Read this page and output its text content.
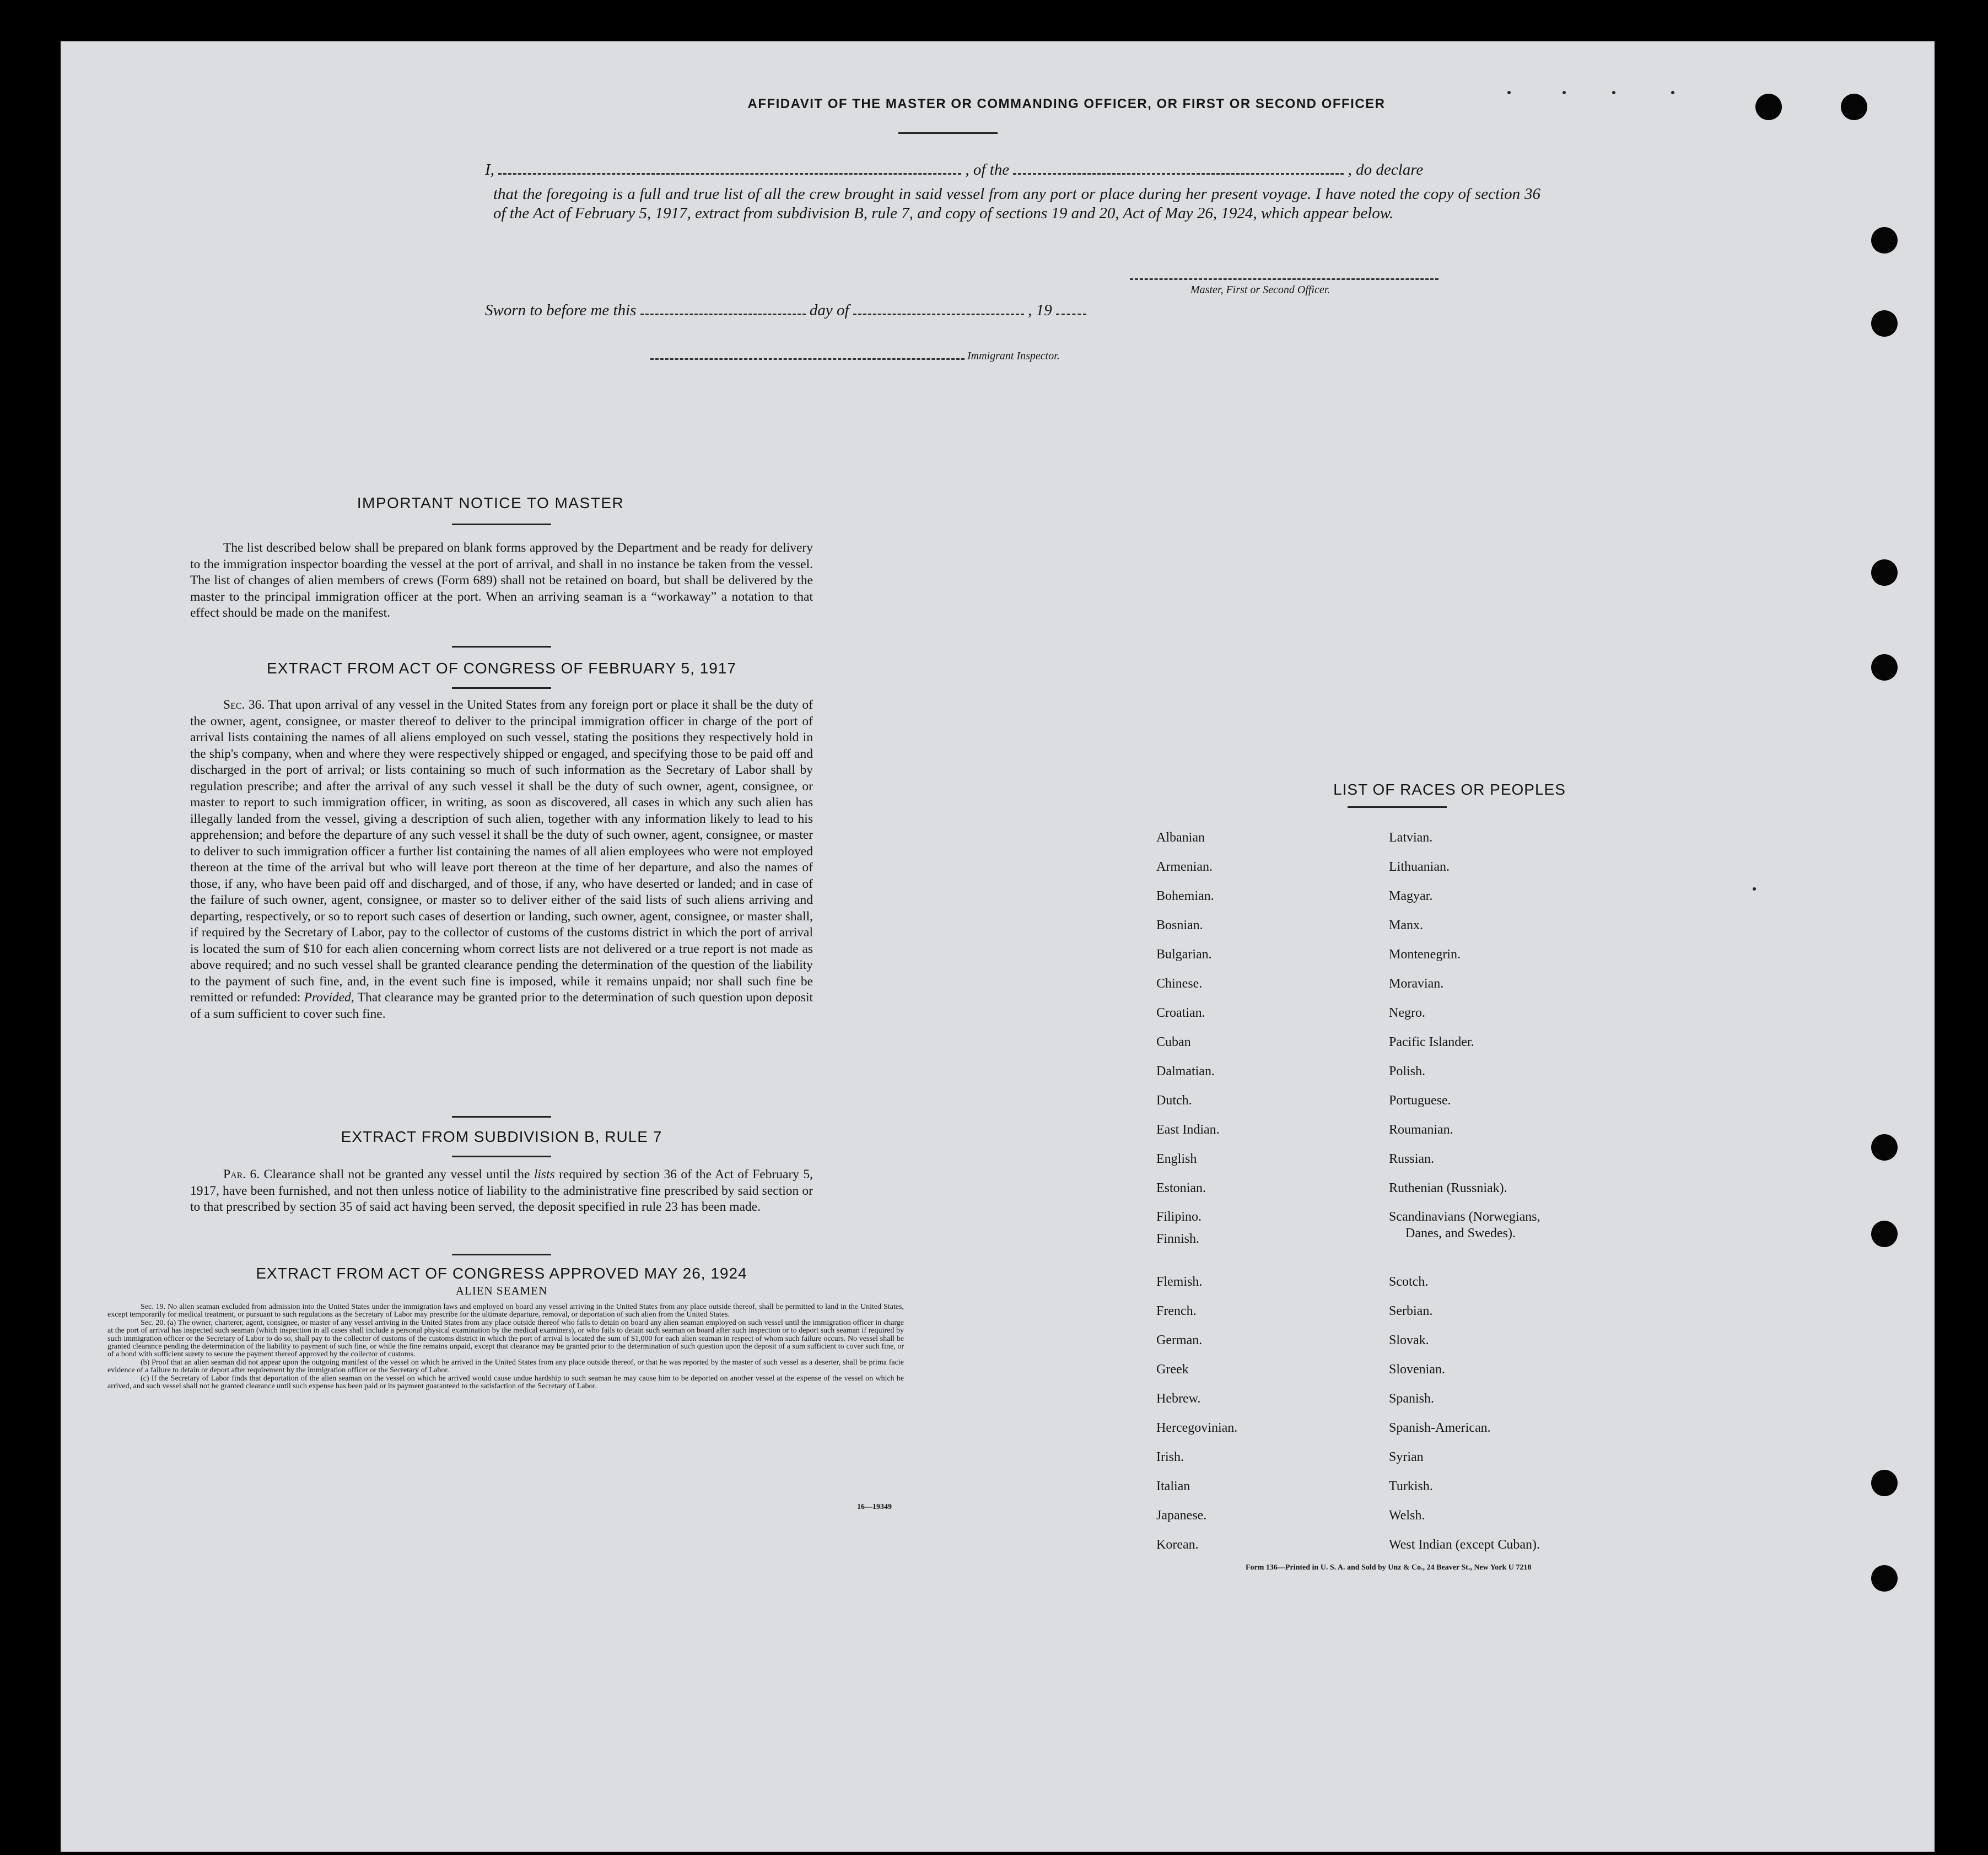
AFFIDAVIT OF THE MASTER OR COMMANDING OFFICER, OR FIRST OR SECOND OFFICER
I,	, of the	, do declare
that the foregoing is a full and true list of all the crew brought in said vessel from any port or place during her present voyage. I have noted the copy of section 36 of the Act of February 5, 1917, extract from subdivision B, rule 7, and copy of sections 19 and 20, Act of May 26, 1924, which appear below.
Master, First or Second Officer.
Sworn to before me this	day of	, 19
Immigrant Inspector.
IMPORTANT NOTICE TO MASTER

The list described below shall be prepared on blank forms approved by the Department and be ready for delivery to the immigration inspector boarding the vessel at the port of arrival, and shall in no instance be taken from the vessel. The list of changes of alien members of crews (Form 689) shall not be retained on board, but shall be delivered by the master to the principal immigration officer at the port. When an arriving seaman is a “workaway” a notation to that effect should be made on the manifest.

EXTRACT FROM ACT OF CONGRESS OF FEBRUARY 5, 1917

Sec. 36. That upon arrival of any vessel in the United States from any foreign port or place it shall be the duty of the owner, agent, consignee, or master thereof to deliver to the principal immigration officer in charge of the port of arrival lists containing the names of all aliens employed on such vessel, stating the positions they respectively hold in the ship's company, when and where they were respectively shipped or engaged, and specifying those to be paid off and discharged in the port of arrival; or lists containing so much of such information as the Secretary of Labor shall by regulation prescribe; and after the arrival of any such vessel it shall be the duty of such owner, agent, consignee, or master to report to such immigration officer, in writing, as soon as discovered, all cases in which any such alien has illegally landed from the vessel, giving a description of such alien, together with any information likely to lead to his apprehension; and before the departure of any such vessel it shall be the duty of such owner, agent, consignee, or master to deliver to such immigration officer a further list containing the names of all alien employees who were not employed thereon at the time of the arrival but who will leave port thereon at the time of her departure, and also the names of those, if any, who have been paid off and discharged, and of those, if any, who have deserted or landed; and in case of the failure of such owner, agent, consignee, or master so to deliver either of the said lists of such aliens arriving and departing, respectively, or so to report such cases of desertion or landing, such owner, agent, consignee, or master shall, if required by the Secretary of Labor, pay to the collector of customs of the customs district in which the port of arrival is located the sum of $10 for each alien concerning whom correct lists are not delivered or a true report is not made as above required; and no such vessel shall be granted clearance pending the determination of the question of the liability to the payment of such fine, and, in the event such fine is imposed, while it remains unpaid; nor shall such fine be remitted or refunded: Provided, That clearance may be granted prior to the determination of such question upon deposit of a sum sufficient to cover such fine.

EXTRACT FROM SUBDIVISION B, RULE 7

Par. 6. Clearance shall not be granted any vessel until the lists required by section 36 of the Act of February 5, 1917, have been furnished, and not then unless notice of liability to the administrative fine prescribed by said section or to that prescribed by section 35 of said act having been served, the deposit specified in rule 23 has been made.

EXTRACT FROM ACT OF CONGRESS APPROVED MAY 26, 1924
ALIEN SEAMEN

Sec. 19. No alien seaman excluded from admission into the United States under the immigration laws and employed on board any vessel arriving in the United States from any place outside thereof, shall be permitted to land in the United States, except temporarily for medical treatment, or pursuant to such regulations as the Secretary of Labor may prescribe for the ultimate departure, removal, or deportation of such alien from the United States.

Sec. 20. (a) The owner, charterer, agent, consignee, or master of any vessel arriving in the United States from any place outside thereof who fails to detain on board any alien seaman employed on such vessel until the immigration officer in charge at the port of arrival has inspected such seaman (which inspection in all cases shall include a personal physical examination by the medical examiners), or who fails to detain such seaman on board after such inspection or to deport such seaman if required by such immigration officer or the Secretary of Labor to do so, shall pay to the collector of customs of the customs district in which the port of arrival is located the sum of $1,000 for each alien seaman in respect of whom such failure occurs. No vessel shall be granted clearance pending the determination of the liability to payment of such fine, or while the fine remains unpaid, except that clearance may be granted prior to the determination of such question upon the deposit of a sum sufficient to cover such fine, or of a bond with sufficient surety to secure the payment thereof approved by the collector of customs.

(b) Proof that an alien seaman did not appear upon the outgoing manifest of the vessel on which he arrived in the United States from any place outside thereof, or that he was reported by the master of such vessel as a deserter, shall be prima facie evidence of a failure to detain or deport after requirement by the immigration officer or the Secretary of Labor.

(c) If the Secretary of Labor finds that deportation of the alien seaman on the vessel on which he arrived would cause undue hardship to such seaman he may cause him to be deported on another vessel at the expense of the vessel on which he arrived, and such vessel shall not be granted clearance until such expense has been paid or its payment guaranteed to the satisfaction of the Secretary of Labor.

16—19349
LIST OF RACES OR PEOPLES
Albanian
Armenian.
Bohemian.
Bosnian.
Bulgarian.
Chinese.
Croatian.
Cuban
Dalmatian.
Dutch.
East Indian.
English
Estonian.
Filipino.
Finnish.
Flemish.
French.
German.
Greek
Hebrew.
Hercegovinian.
Irish.
Italian
Japanese.
Korean.
Latvian.
Lithuanian.
Magyar.
Manx.
Montenegrin.
Moravian.
Negro.
Pacific Islander.
Polish.
Portuguese.
Roumanian.
Russian.
Ruthenian (Russniak).
Scandinavians (Norwegians,
Danes, and Swedes).
Scotch.
Serbian.
Slovak.
Slovenian.
Spanish.
Spanish-American.
Syrian
Turkish.
Welsh.
West Indian (except Cuban).
Form 136—Printed in U. S. A. and Sold by Unz & Co., 24 Beaver St., New York U 7218
